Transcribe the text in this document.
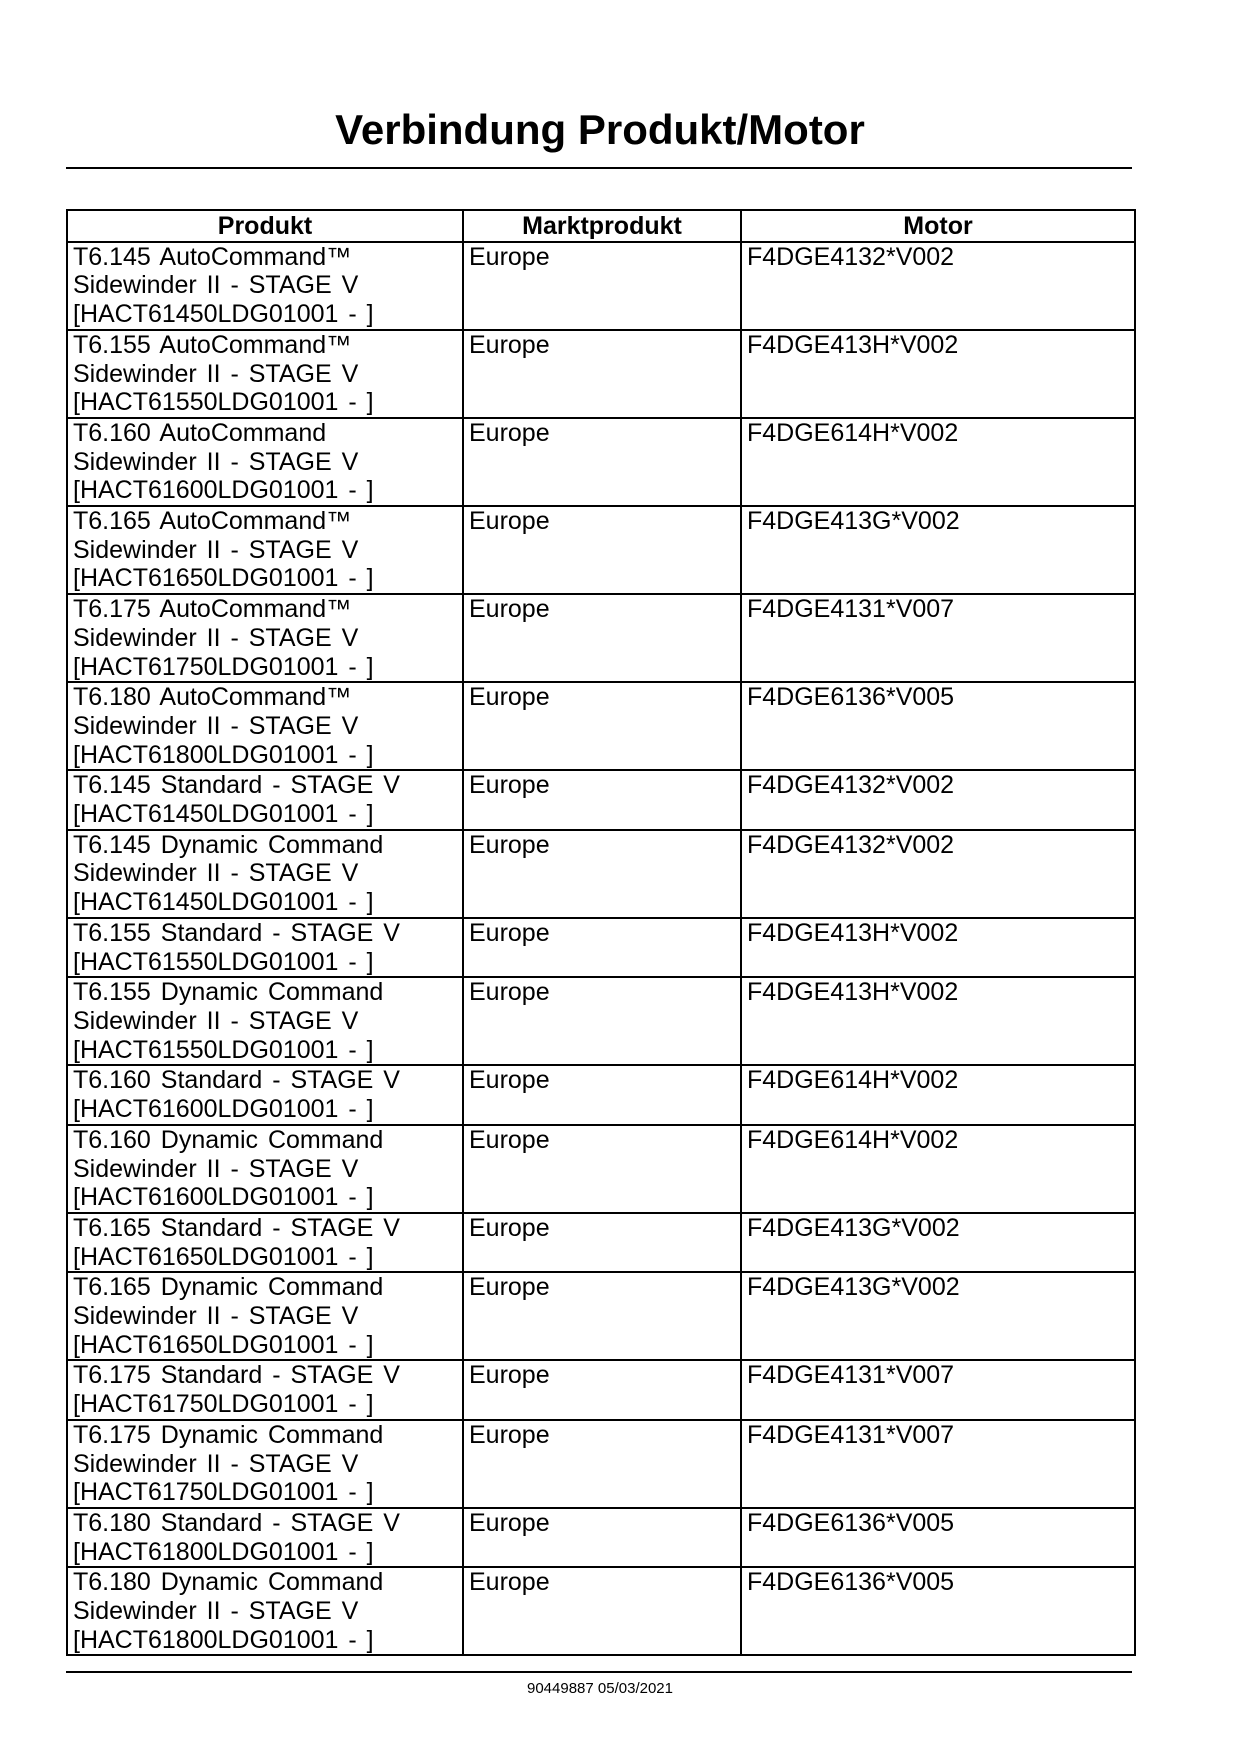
Verbindung Produkt/Motor
Produkt	Marktprodukt	Motor

T6.145 AutoCommand™
Sidewinder II - STAGE V
[HACT61450LDG01001 - ]	Europe	F4DGE4132*V002

T6.155 AutoCommand™
Sidewinder II - STAGE V
[HACT61550LDG01001 - ]	Europe	F4DGE413H*V002

T6.160 AutoCommand
Sidewinder II - STAGE V
[HACT61600LDG01001 - ]	Europe	F4DGE614H*V002

T6.165 AutoCommand™
Sidewinder II - STAGE V
[HACT61650LDG01001 - ]	Europe	F4DGE413G*V002

T6.175 AutoCommand™
Sidewinder II - STAGE V
[HACT61750LDG01001 - ]	Europe	F4DGE4131*V007

T6.180 AutoCommand™
Sidewinder II - STAGE V
[HACT61800LDG01001 - ]	Europe	F4DGE6136*V005

T6.145 Standard - STAGE V
[HACT61450LDG01001 - ]	Europe	F4DGE4132*V002

T6.145 Dynamic Command
Sidewinder II - STAGE V
[HACT61450LDG01001 - ]	Europe	F4DGE4132*V002

T6.155 Standard - STAGE V
[HACT61550LDG01001 - ]	Europe	F4DGE413H*V002

T6.155 Dynamic Command
Sidewinder II - STAGE V
[HACT61550LDG01001 - ]	Europe	F4DGE413H*V002

T6.160 Standard - STAGE V
[HACT61600LDG01001 - ]	Europe	F4DGE614H*V002

T6.160 Dynamic Command
Sidewinder II - STAGE V
[HACT61600LDG01001 - ]	Europe	F4DGE614H*V002

T6.165 Standard - STAGE V
[HACT61650LDG01001 - ]	Europe	F4DGE413G*V002

T6.165 Dynamic Command
Sidewinder II - STAGE V
[HACT61650LDG01001 - ]	Europe	F4DGE413G*V002

T6.175 Standard - STAGE V
[HACT61750LDG01001 - ]	Europe	F4DGE4131*V007

T6.175 Dynamic Command
Sidewinder II - STAGE V
[HACT61750LDG01001 - ]	Europe	F4DGE4131*V007

T6.180 Standard - STAGE V
[HACT61800LDG01001 - ]	Europe	F4DGE6136*V005

T6.180 Dynamic Command
Sidewinder II - STAGE V
[HACT61800LDG01001 - ]	Europe	F4DGE6136*V005
90449887 05/03/2021
